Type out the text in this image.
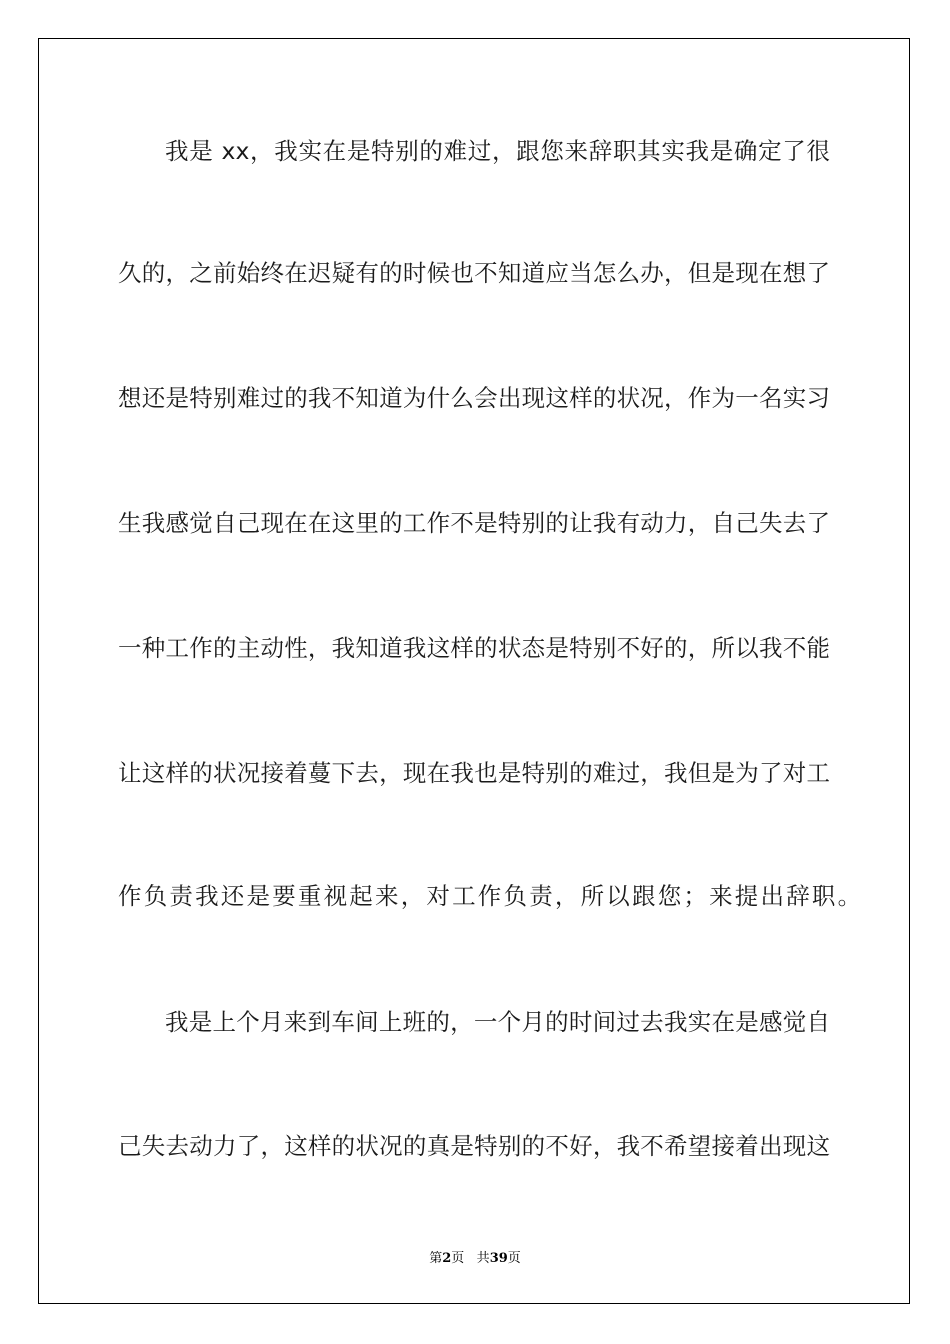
我是 xx，我实在是特别的难过，跟您来辞职其实我是确定了很
久的，之前始终在迟疑有的时候也不知道应当怎么办，但是现在想了
想还是特别难过的我不知道为什么会出现这样的状况，作为一名实习
生我感觉自己现在在这里的工作不是特别的让我有动力，自己失去了
一种工作的主动性，我知道我这样的状态是特别不好的，所以我不能
让这样的状况接着蔓下去，现在我也是特别的难过，我但是为了对工
作负责我还是要重视起来，对工作负责，所以跟您；来提出辞职。
我是上个月来到车间上班的，一个月的时间过去我实在是感觉自
己失去动力了，这样的状况的真是特别的不好，我不希望接着出现这
第2页 共39页
